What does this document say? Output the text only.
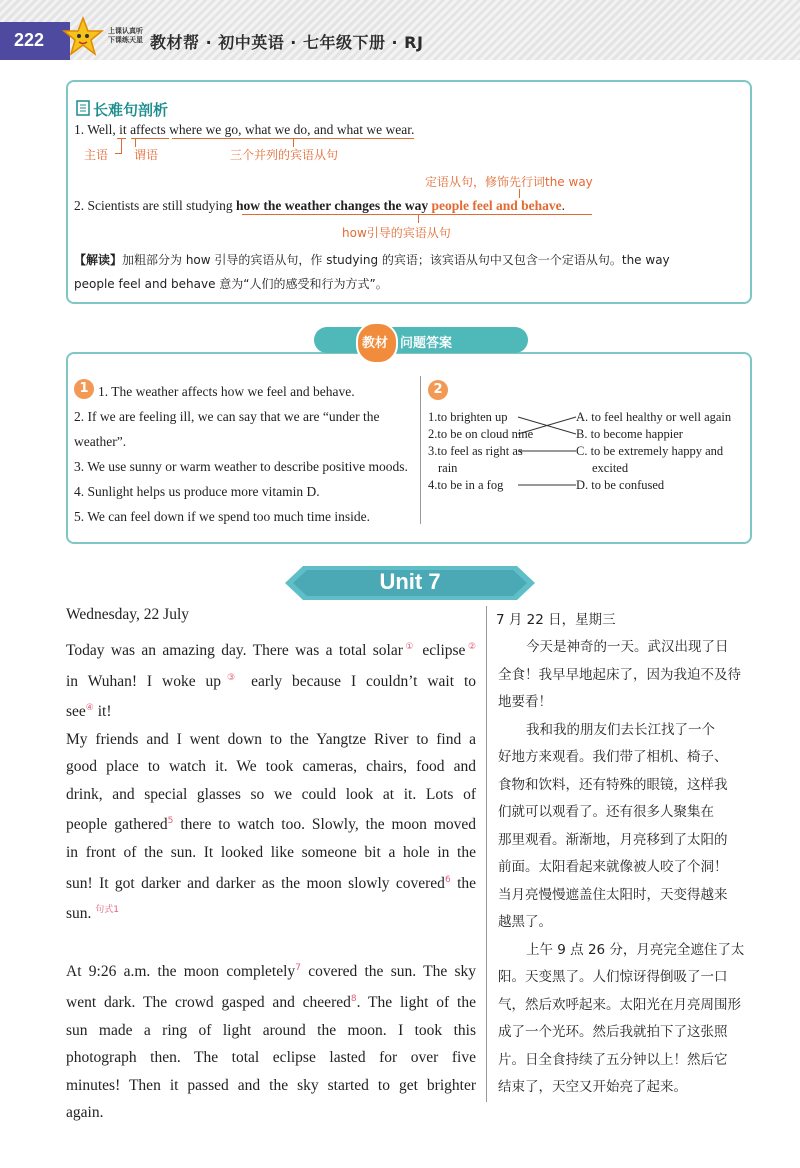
222	上课认真听
下课练天星 教材帮 · 初中英语 · 七年级下册 · RJ
长难句剖析
1. Well, it affects where we go, what we do, and what we wear.
主语 谓语	三个并列的宾语从句
定语从句，修饰先行词the way
2. Scientists are still studying how the weather changes the way people feel and behave.
how引导的宾语从句
【解读】加粗部分为 how 引导的宾语从句，作 studying 的宾语；该宾语从句中又包含一个定语从句。the way
people feel and behave 意为“人们的感受和行为方式”。
教材 问题答案
1 1. The weather affects how we feel and behave.
2. If we are feeling ill, we can say that we are “under the
weather”.
3. We use sunny or warm weather to describe positive moods.
4. Sunlight helps us produce more vitamin D.
5. We can feel down if we spend too much time inside.
2
1.to brighten up
2.to be on cloud nine
3.to feel as right as
rain
4.to be in a fog
A. to feel healthy or well again
B. to become happier
C. to be extremely happy and
excited
D. to be confused
Unit 7
Wednesday, 22 July
Today was an amazing day. There was a total solar① eclipse②
in Wuhan! I woke up③ early because I couldn’t wait to
see④ it!
My friends and I went down to the Yangtze River to find a
good place to watch it. We took cameras, chairs, food and
drink, and special glasses so we could look at it. Lots of
people gathered$^5$ there to watch too. Slowly, the moon moved
in front of the sun. It looked like someone bit a hole in the
sun! It got darker and darker as the moon slowly covered$^6$ the
sun. $^{句式1}$
At 9:26 a.m. the moon completely$^7$ covered the sun. The sky
went dark. The crowd gasped and cheered$^8$. The light of the
sun made a ring of light around the moon. I took this
photograph then. The total eclipse lasted for over five
minutes! Then it passed and the sky started to get brighter
again.
7 月 22 日，星期三
今天是神奇的一天。武汉出现了日
全食！我早早地起床了，因为我迫不及待
地要看！
我和我的朋友们去长江找了一个
好地方来观看。我们带了相机、椅子、
食物和饮料，还有特殊的眼镜，这样我
们就可以观看了。还有很多人聚集在
那里观看。渐渐地，月亮移到了太阳的
前面。太阳看起来就像被人咬了个洞！
当月亮慢慢遮盖住太阳时，天变得越来
越黑了。
上午 9 点 26 分，月亮完全遮住了太
阳。天变黑了。人们惊讶得倒吸了一口
气，然后欢呼起来。太阳光在月亮周围形
成了一个光环。然后我就拍下了这张照
片。日全食持续了五分钟以上！然后它
结束了，天空又开始亮了起来。
